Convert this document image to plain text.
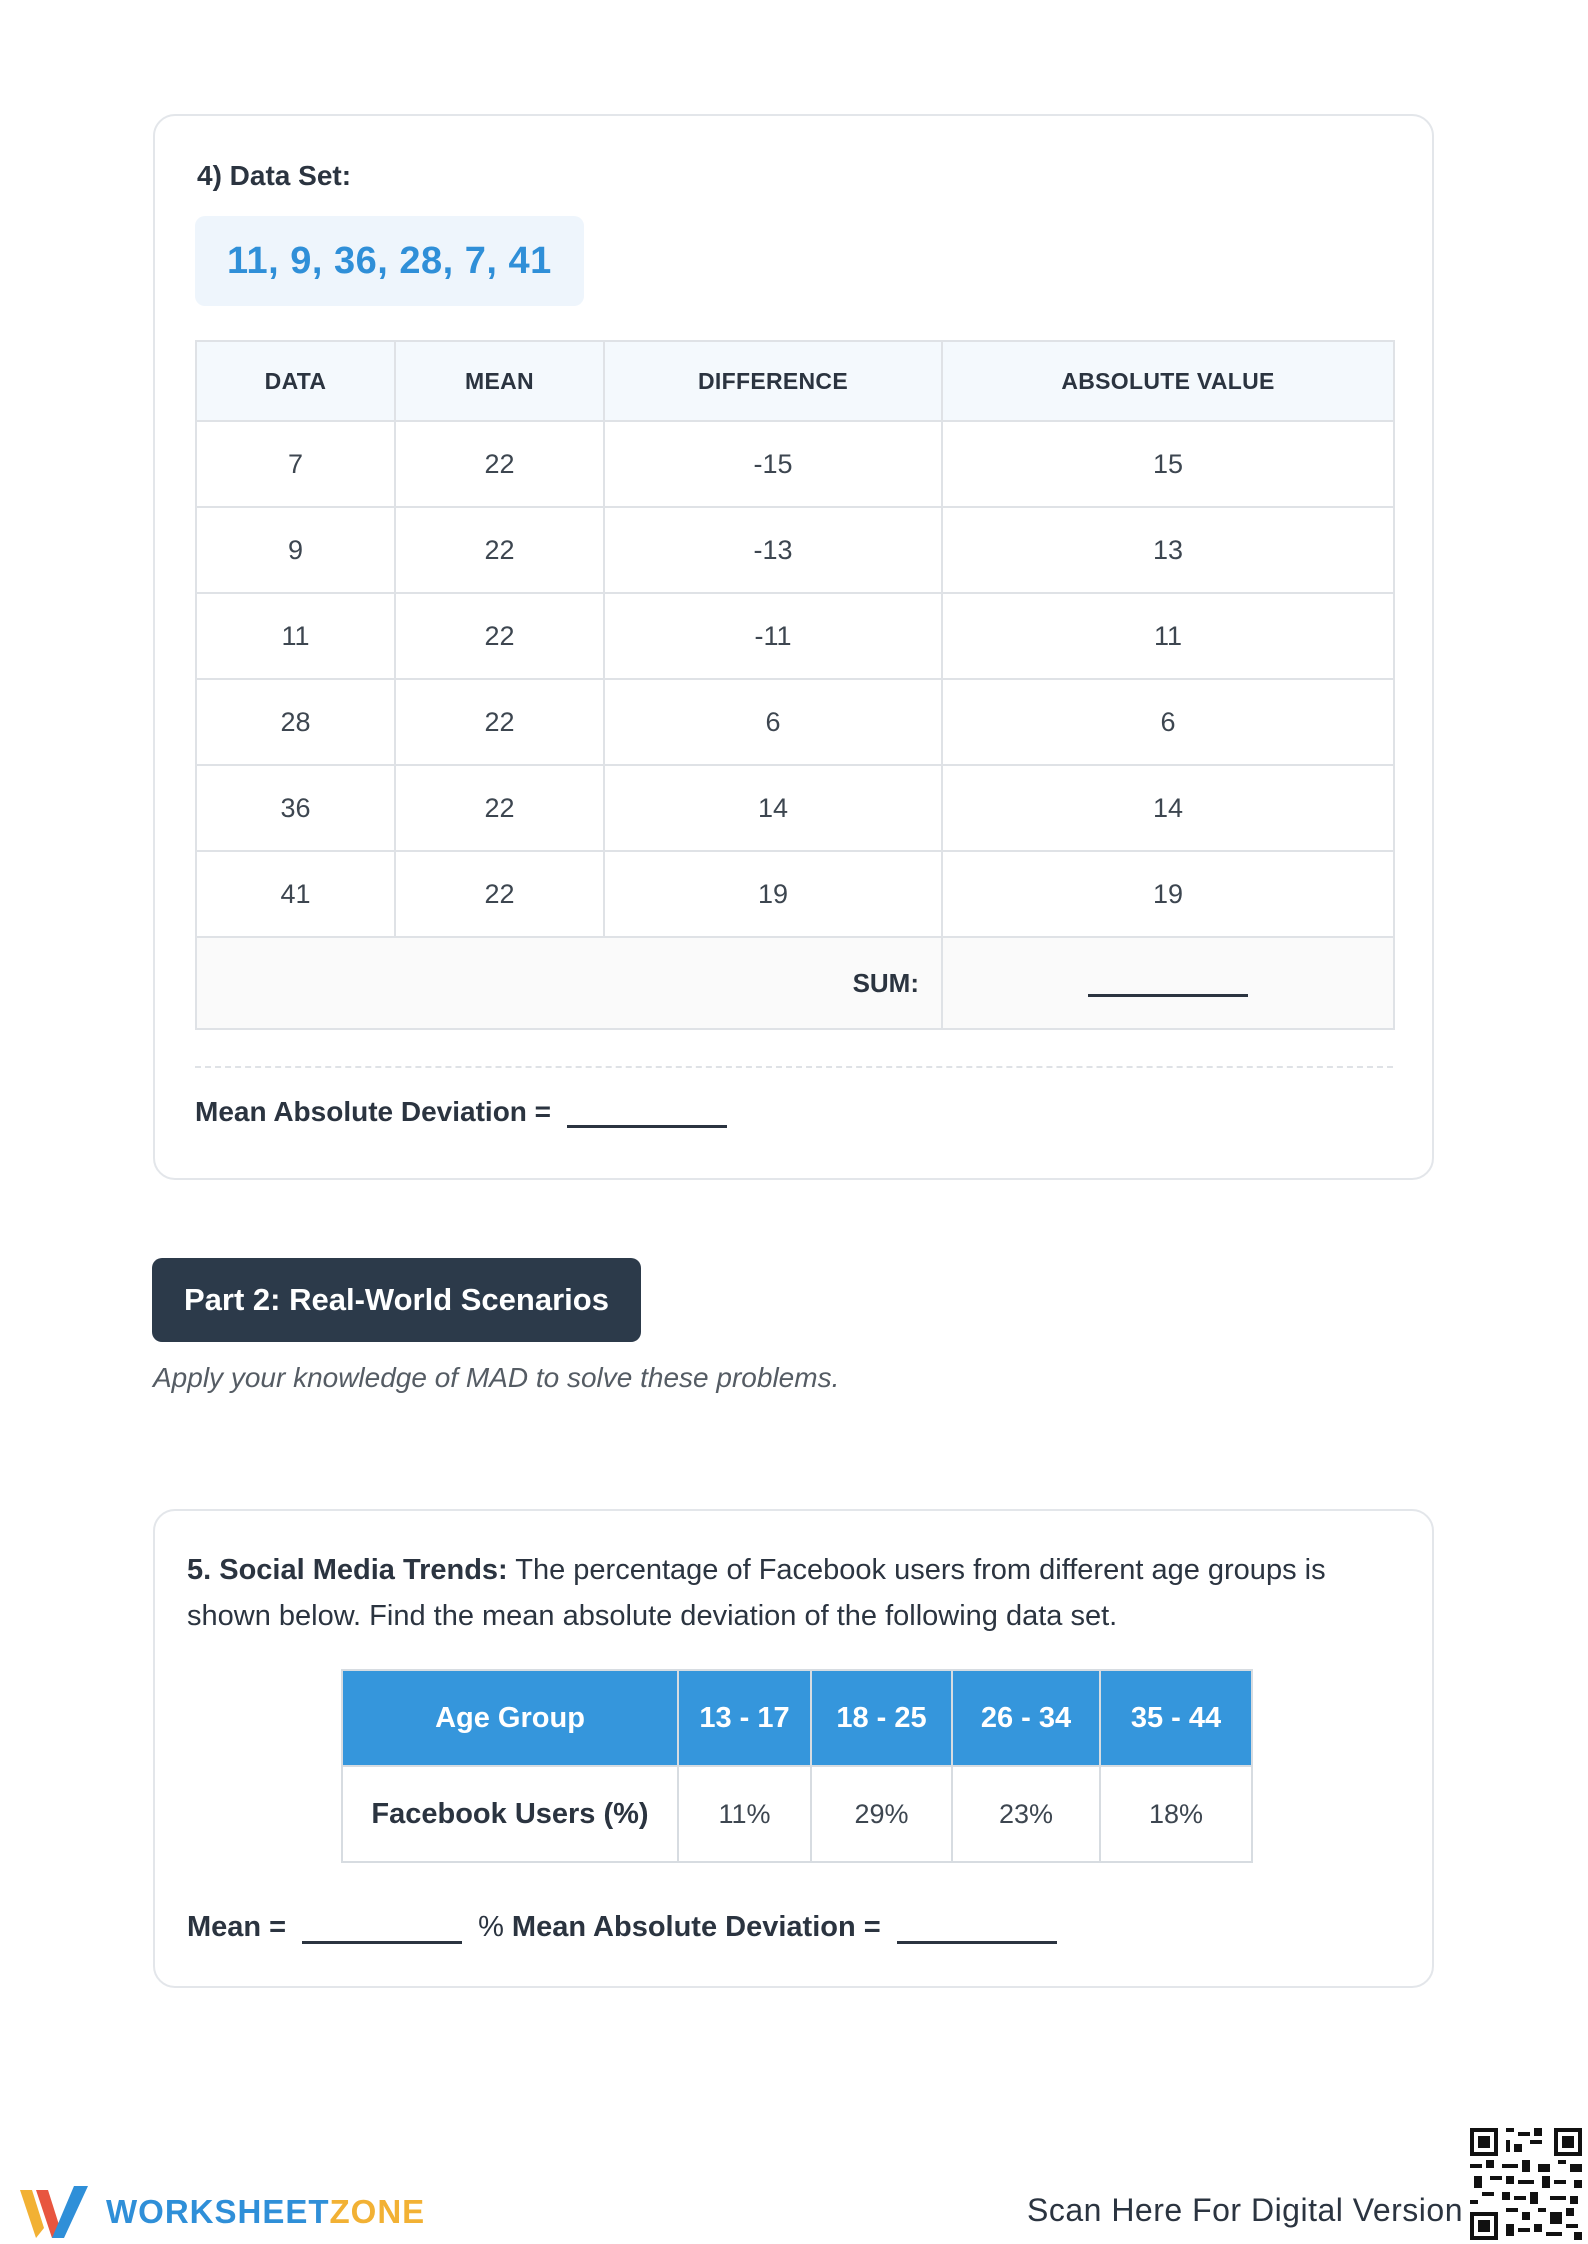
4) Data Set:
11, 9, 36, 28, 7, 41
DATA	MEAN	DIFFERENCE	ABSOLUTE VALUE
7	22	-15	15
9	22	-13	13
11	22	-11	11
28	22	6	6
36	22	14	14
41	22	19	19
SUM:			
Mean Absolute Deviation =
Part 2: Real-World Scenarios
Apply your knowledge of MAD to solve these problems.
5. Social Media Trends: The percentage of Facebook users from different age groups is shown below. Find the mean absolute deviation of the following data set.
Age Group	13 - 17	18 - 25	26 - 34	35 - 44
Facebook Users (%)	11%	29%	23%	18%
Mean =	% Mean Absolute Deviation =
WORKSHEETZONE	Scan Here For Digital Version
